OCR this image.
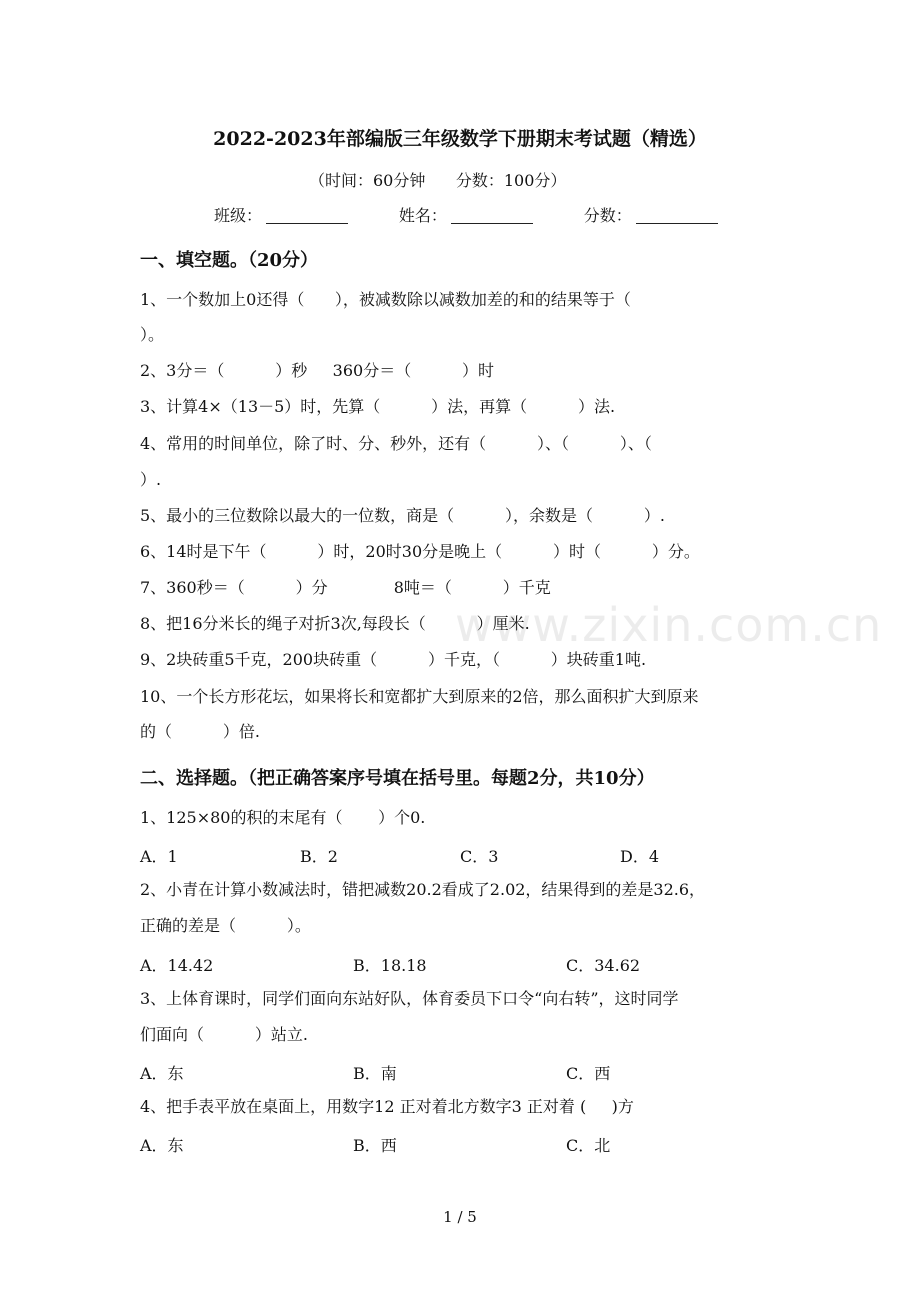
2022-2023年部编版三年级数学下册期末考试题（精选）
（时间：60分钟      分数：100分）
班级：	姓名：	分数：
一、填空题。（20分）
1、一个数加上0还得（      ），被减数除以减数加差的和的结果等于（
）。
2、3分＝（          ）秒     360分＝（          ）时
3、计算4×（13－5）时，先算（          ）法，再算（          ）法.
4、常用的时间单位，除了时、分、秒外，还有（          ）、（          ）、（
）.
5、最小的三位数除以最大的一位数，商是（          ），余数是（          ）.
6、14时是下午（          ）时，20时30分是晚上（          ）时（          ）分。
7、360秒＝（          ）分             8吨＝（          ）千克
8、把16分米长的绳子对折3次,每段长（          ）厘米.
9、2块砖重5千克，200块砖重（          ）千克，（          ）块砖重1吨.
10、一个长方形花坛，如果将长和宽都扩大到原来的2倍，那么面积扩大到原来
的（          ）倍.
二、选择题。（把正确答案序号填在括号里。每题2分，共10分）
1、125×80的积的末尾有（       ）个0.
A．1	B．2	C．3	D．4
2、小青在计算小数减法时，错把减数20.2看成了2.02，结果得到的差是32.6，
正确的差是（          ）。
A．14.42	B．18.18	C．34.62
3、上体育课时，同学们面向东站好队，体育委员下口令“向右转”，这时同学
们面向（          ）站立.
A．东	B．南	C．西
4、把手表平放在桌面上，用数字12 正对着北方数字3 正对着 (     )方
A．东	B．西	C．北
www.zixin.com.cn
1 / 5
